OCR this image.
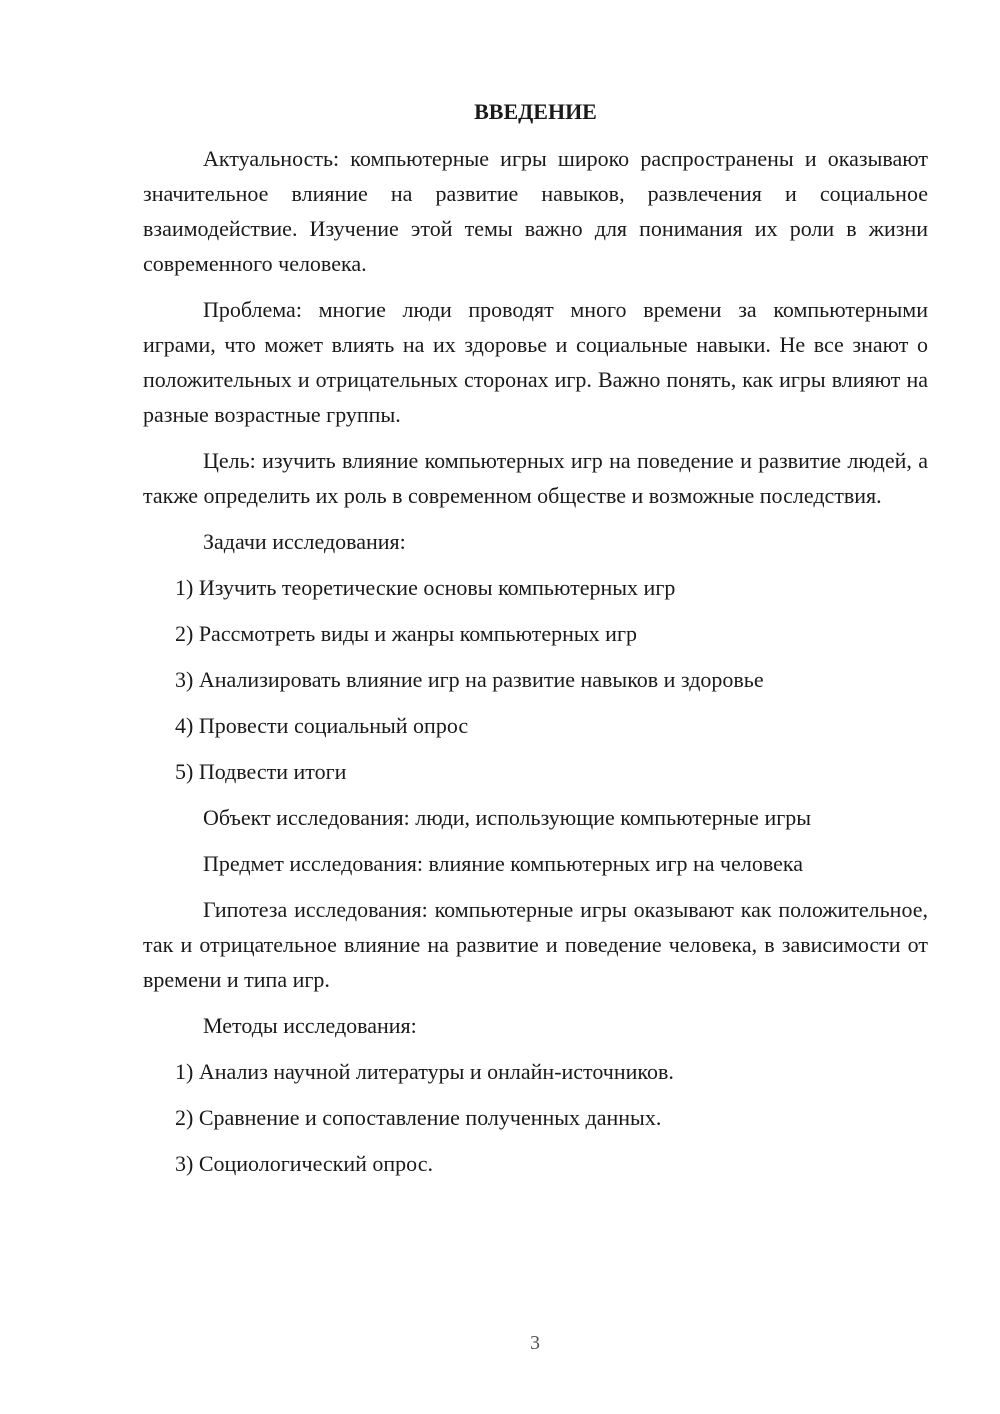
ВВЕДЕНИЕ

Актуальность: компьютерные игры широко распространены и оказывают значительное влияние на развитие навыков, развлечения и социальное взаимодействие. Изучение этой темы важно для понимания их роли в жизни современного человека.

Проблема: многие люди проводят много времени за компьютерными играми, что может влиять на их здоровье и социальные навыки. Не все знают о положительных и отрицательных сторонах игр. Важно понять, как игры влияют на разные возрастные группы.

Цель: изучить влияние компьютерных игр на поведение и развитие людей, а также определить их роль в современном обществе и возможные последствия.

Задачи исследования:
1) Изучить теоретические основы компьютерных игр
2) Рассмотреть виды и жанры компьютерных игр
3) Анализировать влияние игр на развитие навыков и здоровье
4) Провести социальный опрос
5) Подвести итоги
Объект исследования: люди, использующие компьютерные игры
Предмет исследования: влияние компьютерных игр на человека

Гипотеза исследования: компьютерные игры оказывают как положительное, так и отрицательное влияние на развитие и поведение человека, в зависимости от времени и типа игр.

Методы исследования:
1) Анализ научной литературы и онлайн-источников.
2) Сравнение и сопоставление полученных данных.
3) Социологический опрос.
3
